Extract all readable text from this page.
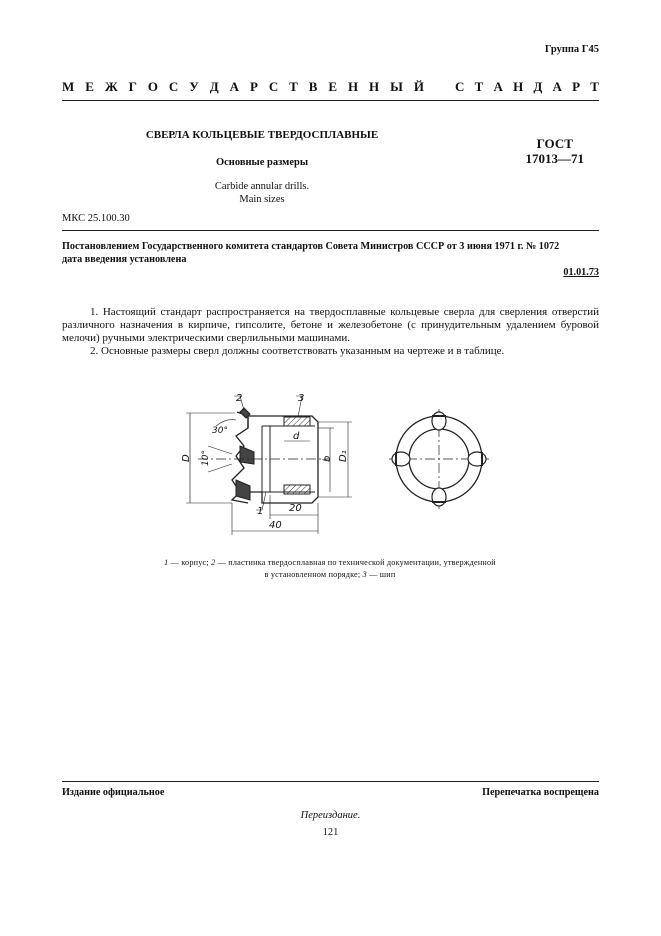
Группа Г45
М Е Ж Г О С У Д А Р С Т В Е Н Н Ы Й С Т А Н Д А Р Т
СВЕРЛА КОЛЬЦЕВЫЕ ТВЕРДОСПЛАВНЫЕ
Основные размеры
Carbide annular drills.
Main sizes
ГОСТ
17013—71
МКС 25.100.30
Постановлением Государственного комитета стандартов Совета Министров СССР от 3 июня 1971 г. № 1072
дата введения установлена
01.01.73
1. Настоящий стандарт распространяется на твердосплавные кольцевые сверла для сверления отверстий различного назначения в кирпиче, гипсолите, бетоне и железобетоне (с принудительным удалением буровой мелочи) ручными электрическими сверлильными машинами.
2. Основные размеры сверл должны соответствовать указанным на чертеже и в таблице.
2	3
1
30°
10°
D
d
b D₁
20
40
1 — корпус; 2 — пластинка твердосплавная по технической документации, утвержденной
в установленном порядке; 3 — шип
Издание официальное	Перепечатка воспрещена
Переиздание.
121
